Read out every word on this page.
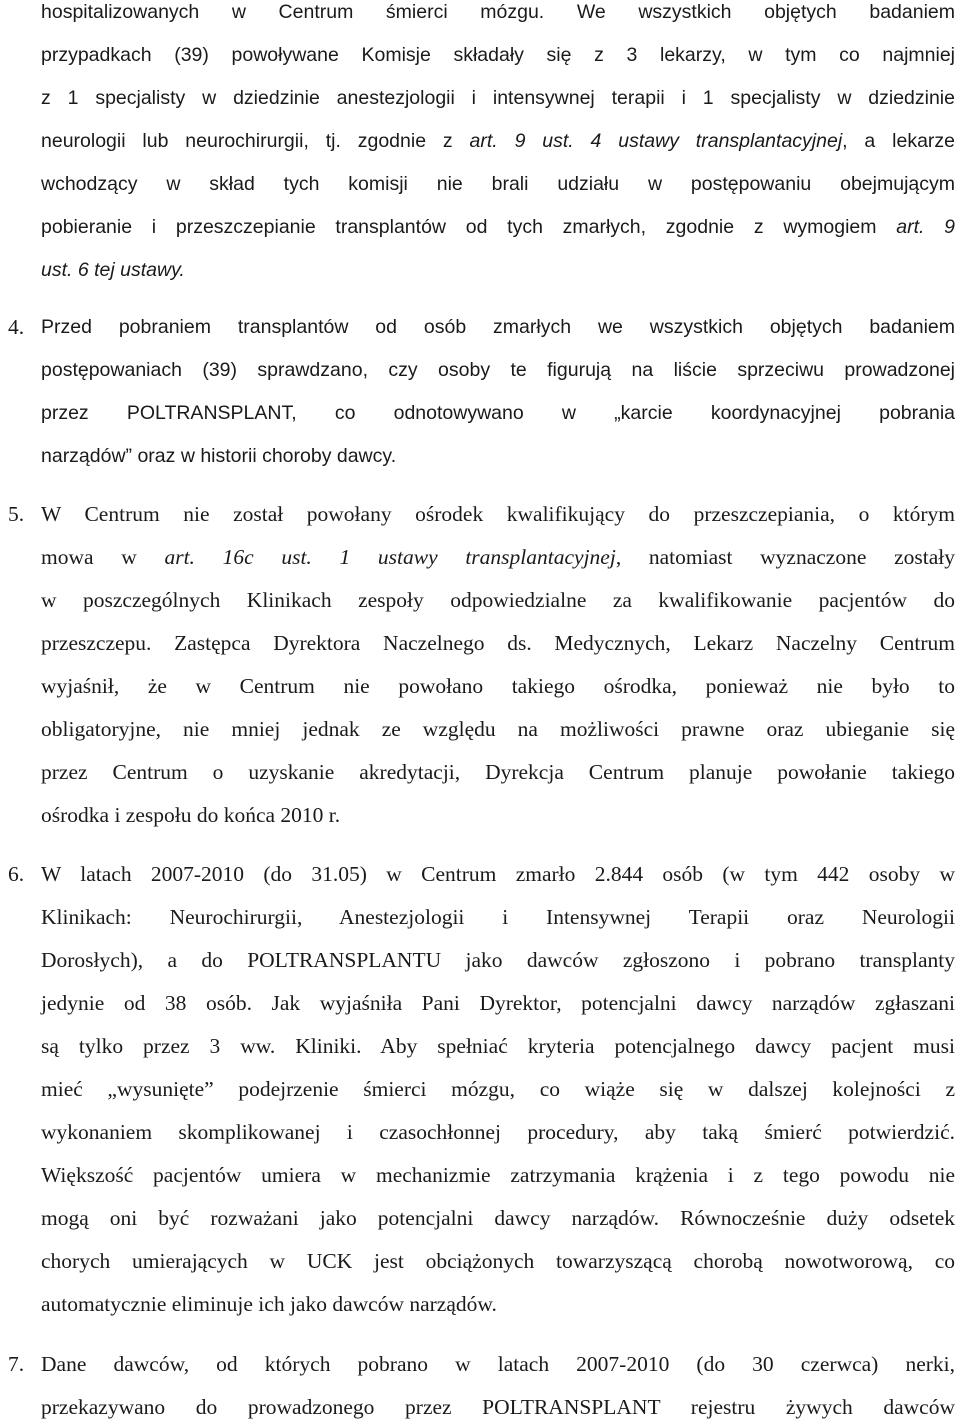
hospitalizowanych w Centrum śmierci mózgu. We wszystkich objętych badaniem
przypadkach (39) powoływane Komisje składały się z 3 lekarzy, w tym co najmniej
z 1 specjalisty w dziedzinie anestezjologii i intensywnej terapii i 1 specjalisty w dziedzinie
neurologii lub neurochirurgii, tj. zgodnie z art. 9 ust. 4 ustawy transplantacyjnej, a lekarze
wchodzący w skład tych komisji nie brali udziału w postępowaniu obejmującym
pobieranie i przeszczepianie transplantów od tych zmarłych, zgodnie z wymogiem art. 9
ust. 6 tej ustawy.
4. Przed pobraniem transplantów od osób zmarłych we wszystkich objętych badaniem
postępowaniach (39) sprawdzano, czy osoby te figurują na liście sprzeciwu prowadzonej
przez POLTRANSPLANT, co odnotowywano w „karcie koordynacyjnej pobrania
narządów” oraz w historii choroby dawcy.
5. W Centrum nie został powołany ośrodek kwalifikujący do przeszczepiania, o którym
mowa w art. 16c ust. 1 ustawy transplantacyjnej, natomiast wyznaczone zostały
w poszczególnych Klinikach zespoły odpowiedzialne za kwalifikowanie pacjentów do
przeszczepu. Zastępca Dyrektora Naczelnego ds. Medycznych, Lekarz Naczelny Centrum
wyjaśnił, że w Centrum nie powołano takiego ośrodka, ponieważ nie było to
obligatoryjne, nie mniej jednak ze względu na możliwości prawne oraz ubieganie się
przez Centrum o uzyskanie akredytacji, Dyrekcja Centrum planuje powołanie takiego
ośrodka i zespołu do końca 2010 r.
6. W latach 2007-2010 (do 31.05) w Centrum zmarło 2.844 osób (w tym 442 osoby w
Klinikach: Neurochirurgii, Anestezjologii i Intensywnej Terapii oraz Neurologii
Dorosłych), a do POLTRANSPLANTU jako dawców zgłoszono i pobrano transplanty
jedynie od 38 osób. Jak wyjaśniła Pani Dyrektor, potencjalni dawcy narządów zgłaszani
są tylko przez 3 ww. Kliniki. Aby spełniać kryteria potencjalnego dawcy pacjent musi
mieć „wysunięte” podejrzenie śmierci mózgu, co wiąże się w dalszej kolejności z
wykonaniem skomplikowanej i czasochłonnej procedury, aby taką śmierć potwierdzić.
Większość pacjentów umiera w mechanizmie zatrzymania krążenia i z tego powodu nie
mogą oni być rozważani jako potencjalni dawcy narządów. Równocześnie duży odsetek
chorych umierających w UCK jest obciążonych towarzyszącą chorobą nowotworową, co
automatycznie eliminuje ich jako dawców narządów.
7. Dane dawców, od których pobrano w latach 2007-2010 (do 30 czerwca) nerki,
przekazywano do prowadzonego przez POLTRANSPLANT rejestru żywych dawców
